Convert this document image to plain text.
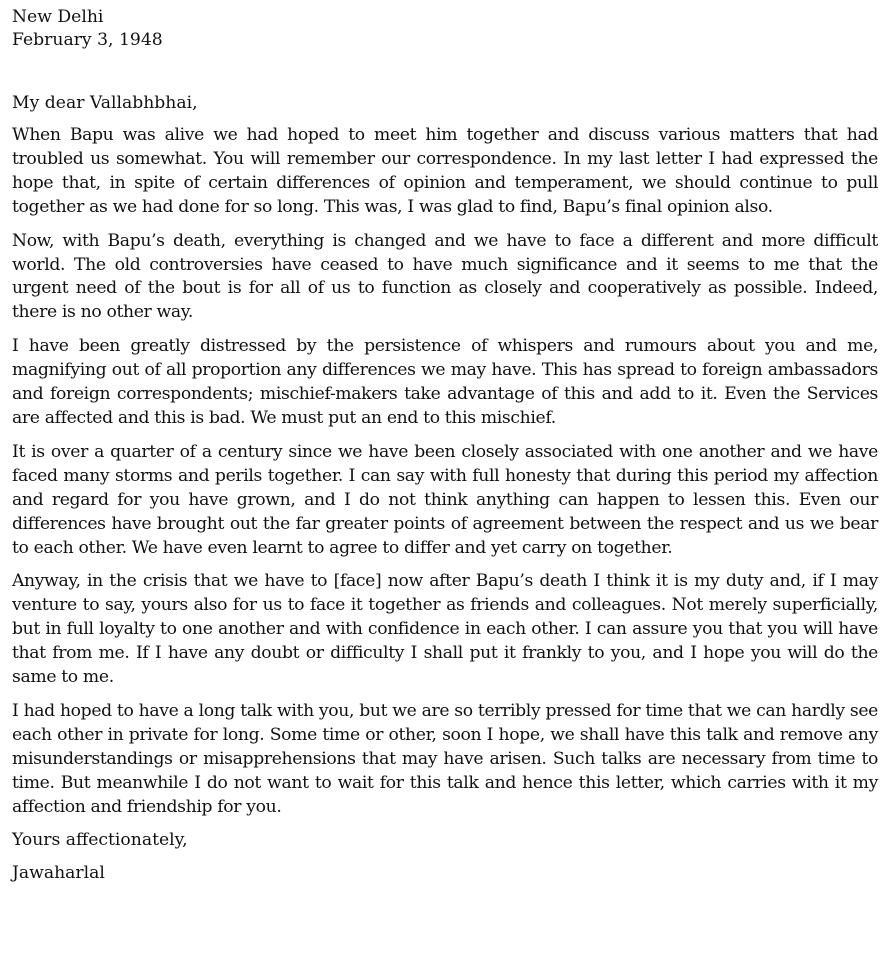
New Delhi

February 3, 1948

My dear Vallabhbhai,

When Bapu was alive we had hoped to meet him together and discuss various matters that had troubled us somewhat. You will remember our correspondence. In my last letter I had expressed the hope that, in spite of certain differences of opinion and temperament, we should continue to pull together as we had done for so long. This was, I was glad to find, Bapu’s final opinion also.

Now, with Bapu’s death, everything is changed and we have to face a different and more difficult world. The old controversies have ceased to have much significance and it seems to me that the urgent need of the bout is for all of us to function as closely and cooperatively as possible. Indeed, there is no other way.

I have been greatly distressed by the persistence of whispers and rumours about you and me, magnifying out of all proportion any differences we may have. This has spread to foreign ambassadors and foreign correspondents; mischief-makers take advantage of this and add to it. Even the Services are affected and this is bad. We must put an end to this mischief.

It is over a quarter of a century since we have been closely associated with one another and we have faced many storms and perils together. I can say with full honesty that during this period my affection and regard for you have grown, and I do not think anything can happen to lessen this. Even our differences have brought out the far greater points of agreement between the respect and us we bear to each other. We have even learnt to agree to differ and yet carry on together.

Anyway, in the crisis that we have to [face] now after Bapu’s death I think it is my duty and, if I may venture to say, yours also for us to face it together as friends and colleagues. Not merely superficially, but in full loyalty to one another and with confidence in each other. I can assure you that you will have that from me. If I have any doubt or difficulty I shall put it frankly to you, and I hope you will do the same to me.

I had hoped to have a long talk with you, but we are so terribly pressed for time that we can hardly see each other in private for long. Some time or other, soon I hope, we shall have this talk and remove any misunderstandings or misapprehensions that may have arisen. Such talks are necessary from time to time. But meanwhile I do not want to wait for this talk and hence this letter, which carries with it my affection and friendship for you.

Yours affectionately,

Jawaharlal
